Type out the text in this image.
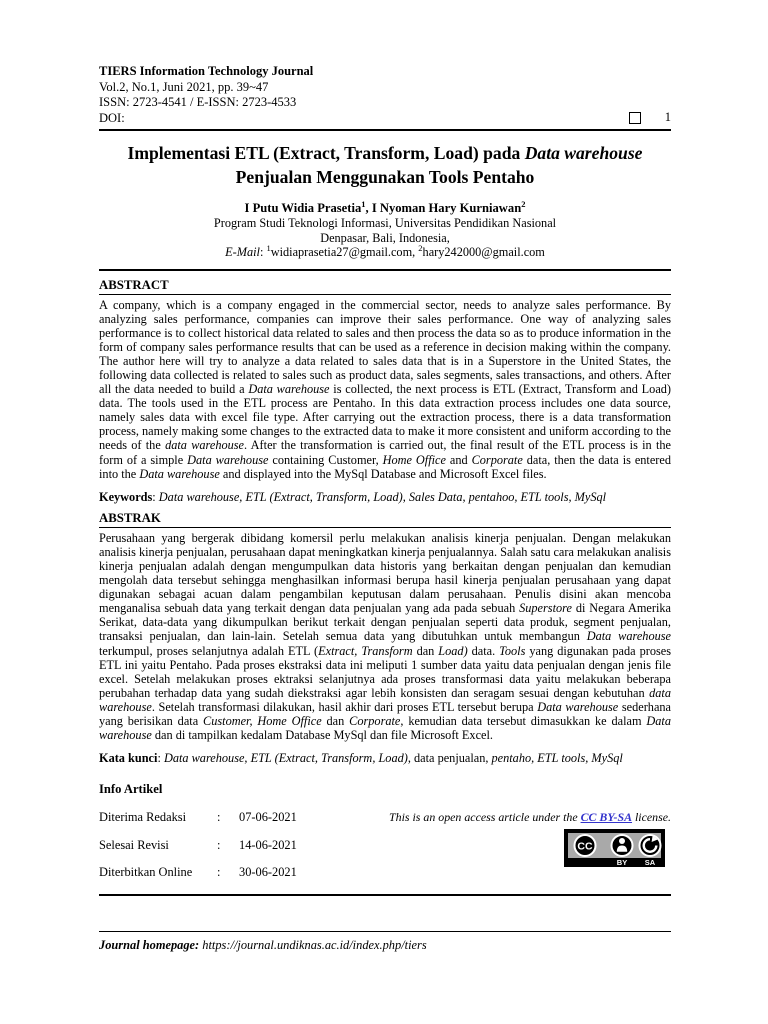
TIERS Information Technology Journal
Vol.2, No.1, Juni 2021, pp. 39~47
ISSN: 2723-4541 / E-ISSN: 2723-4533
DOI:	1
Implementasi ETL (Extract, Transform, Load) pada Data warehouse Penjualan Menggunakan Tools Pentaho
I Putu Widia Prasetia$^1$, I Nyoman Hary Kurniawan$^2$
Program Studi Teknologi Informasi, Universitas Pendidikan Nasional
Denpasar, Bali, Indonesia,
E-Mail: $^1$widiaprasetia27@gmail.com, $^2$hary242000@gmail.com
ABSTRACT
A company, which is a company engaged in the commercial sector, needs to analyze sales performance. By analyzing sales performance, companies can improve their sales performance. One way of analyzing sales performance is to collect historical data related to sales and then process the data so as to produce information in the form of company sales performance results that can be used as a reference in decision making within the company. The author here will try to analyze a data related to sales data that is in a Superstore in the United States, the following data collected is related to sales such as product data, sales segments, sales transactions, and others. After all the data needed to build a Data warehouse is collected, the next process is ETL (Extract, Transform and Load) data. The tools used in the ETL process are Pentaho. In this data extraction process includes one data source, namely sales data with excel file type. After carrying out the extraction process, there is a data transformation process, namely making some changes to the extracted data to make it more consistent and uniform according to the needs of the data warehouse. After the transformation is carried out, the final result of the ETL process is in the form of a simple Data warehouse containing Customer, Home Office and Corporate data, then the data is entered into the Data warehouse and displayed into the MySql Database and Microsoft Excel files.
Keywords: Data warehouse, ETL (Extract, Transform, Load), Sales Data, pentahoo, ETL tools, MySql
ABSTRAK
Perusahaan yang bergerak dibidang komersil perlu melakukan analisis kinerja penjualan. Dengan melakukan analisis kinerja penjualan, perusahaan dapat meningkatkan kinerja penjualannya. Salah satu cara melakukan analisis kinerja penjualan adalah dengan mengumpulkan data historis yang berkaitan dengan penjualan dan kemudian mengolah data tersebut sehingga menghasilkan informasi berupa hasil kinerja penjualan perusahaan yang dapat digunakan sebagai acuan dalam pengambilan keputusan dalam perusahaan. Penulis disini akan mencoba menganalisa sebuah data yang terkait dengan data penjualan yang ada pada sebuah Superstore di Negara Amerika Serikat, data-data yang dikumpulkan berikut terkait dengan penjualan seperti data produk, segment penjualan, transaksi penjualan, dan lain-lain. Setelah semua data yang dibutuhkan untuk membangun Data warehouse terkumpul, proses selanjutnya adalah ETL (Extract, Transform dan Load) data. Tools yang digunakan pada proses ETL ini yaitu Pentaho. Pada proses ekstraksi data ini meliputi 1 sumber data yaitu data penjualan dengan jenis file excel. Setelah melakukan proses ektraksi selanjutnya ada proses transformasi data yaitu melakukan beberapa perubahan terhadap data yang sudah diekstraksi agar lebih konsisten dan seragam sesuai dengan kebutuhan data warehouse. Setelah transformasi dilakukan, hasil akhir dari proses ETL tersebut berupa Data warehouse sederhana yang berisikan data Customer, Home Office dan Corporate, kemudian data tersebut dimasukkan ke dalam Data warehouse dan di tampilkan kedalam Database MySql dan file Microsoft Excel.
Kata kunci: Data warehouse, ETL (Extract, Transform, Load), data penjualan, pentaho, ETL tools, MySql
Info Artikel
Diterima Redaksi	:	07-06-2021
Selesai Revisi	:	14-06-2021
Diterbitkan Online	:	30-06-2021
This is an open access article under the CC BY-SA license.
CC
BY SA
Journal homepage: https://journal.undiknas.ac.id/index.php/tiers
